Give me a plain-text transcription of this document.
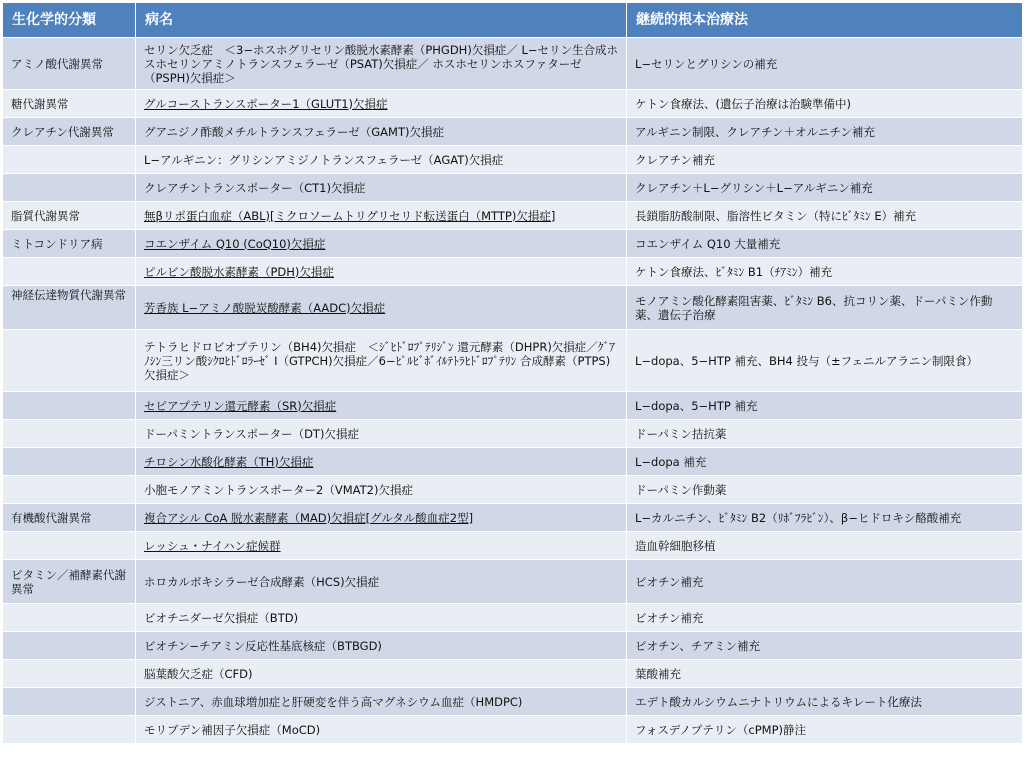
生化学的分類	病名	継続的根本治療法
アミノ酸代謝異常	セリン欠乏症　＜3−ホスホグリセリン酸脱水素酵素（PHGDH)欠損症／ L−セリン生合成ホスホセリンアミノトランスフェラーゼ（PSAT)欠損症／ ホスホセリンホスファターゼ（PSPH)欠損症＞	L−セリンとグリシンの補充
糖代謝異常	グルコーストランスポーター1（GLUT1)欠損症	ケトン食療法、(遺伝子治療は治験準備中)
クレアチン代謝異常	グアニジノ酢酸メチルトランスフェラーゼ（GAMT)欠損症	アルギニン制限、クレアチン＋オルニチン補充
	L−アルギニン：グリシンアミジノトランスフェラーゼ（AGAT)欠損症	クレアチン補充
	クレアチントランスポーター（CT1)欠損症	クレアチン＋L−グリシン＋L−アルギニン補充
脂質代謝異常	無βリポ蛋白血症（ABL)[ミクロソームトリグリセリド転送蛋白（MTTP)欠損症]	長鎖脂肪酸制限、脂溶性ビタミン（特にﾋﾞﾀﾐﾝ E）補充
ミトコンドリア病	コエンザイム Q10 (CoQ10)欠損症	コエンザイム Q10 大量補充
	ピルビン酸脱水素酵素（PDH)欠損症	ケトン食療法、ﾋﾞﾀﾐﾝ B1（ﾁｱﾐﾝ）補充
神経伝達物質代謝異常	芳香族 L−アミノ酸脱炭酸酵素（AADC)欠損症	モノアミン酸化酵素阻害薬、ﾋﾞﾀﾐﾝ B6、抗コリン薬、ドーパミン作動薬、遺伝子治療
	テトラヒドロビオプテリン（BH4)欠損症　＜ｼﾞﾋﾄﾞﾛﾌﾟﾃﾘｼﾞﾝ 還元酵素（DHPR)欠損症／ｸﾞｱﾉｼﾝ三リン酸ｼｸﾛﾋﾄﾞﾛﾗｰｾﾞ I（GTPCH)欠損症／6−ﾋﾟﾙﾋﾞﾎﾞｲﾙﾃﾄﾗﾋﾄﾞﾛﾌﾟﾃﾘﾝ 合成酵素（PTPS)欠損症＞	L−dopa、5−HTP 補充、BH4 投与（±フェニルアラニン制限食）
	セピアプテリン還元酵素（SR)欠損症	L−dopa、5−HTP 補充
	ドーパミントランスポーター（DT)欠損症	ドーパミン拮抗薬
	チロシン水酸化酵素（TH)欠損症	L−dopa 補充
	小胞モノアミントランスポーター2（VMAT2)欠損症	ドーパミン作動薬
有機酸代謝異常	複合アシル CoA 脱水素酵素（MAD)欠損症[グルタル酸血症2型]	L−カルニチン、ﾋﾞﾀﾐﾝ B2（ﾘﾎﾞﾌﾗﾋﾞﾝ）、β−ヒドロキシ酪酸補充
	レッシュ・ナイハン症候群	造血幹細胞移植
ビタミン／補酵素代謝異常	ホロカルボキシラーゼ合成酵素（HCS)欠損症	ビオチン補充
	ビオチニダーゼ欠損症（BTD)	ビオチン補充
	ビオチン−チアミン反応性基底核症（BTBGD)	ビオチン、チアミン補充
	脳葉酸欠乏症（CFD)	葉酸補充
	ジストニア、赤血球増加症と肝硬変を伴う高マグネシウム血症（HMDPC)	エデト酸カルシウムニナトリウムによるキレート化療法
	モリブデン補因子欠損症（MoCD)	フォスデノプテリン（cPMP)静注
